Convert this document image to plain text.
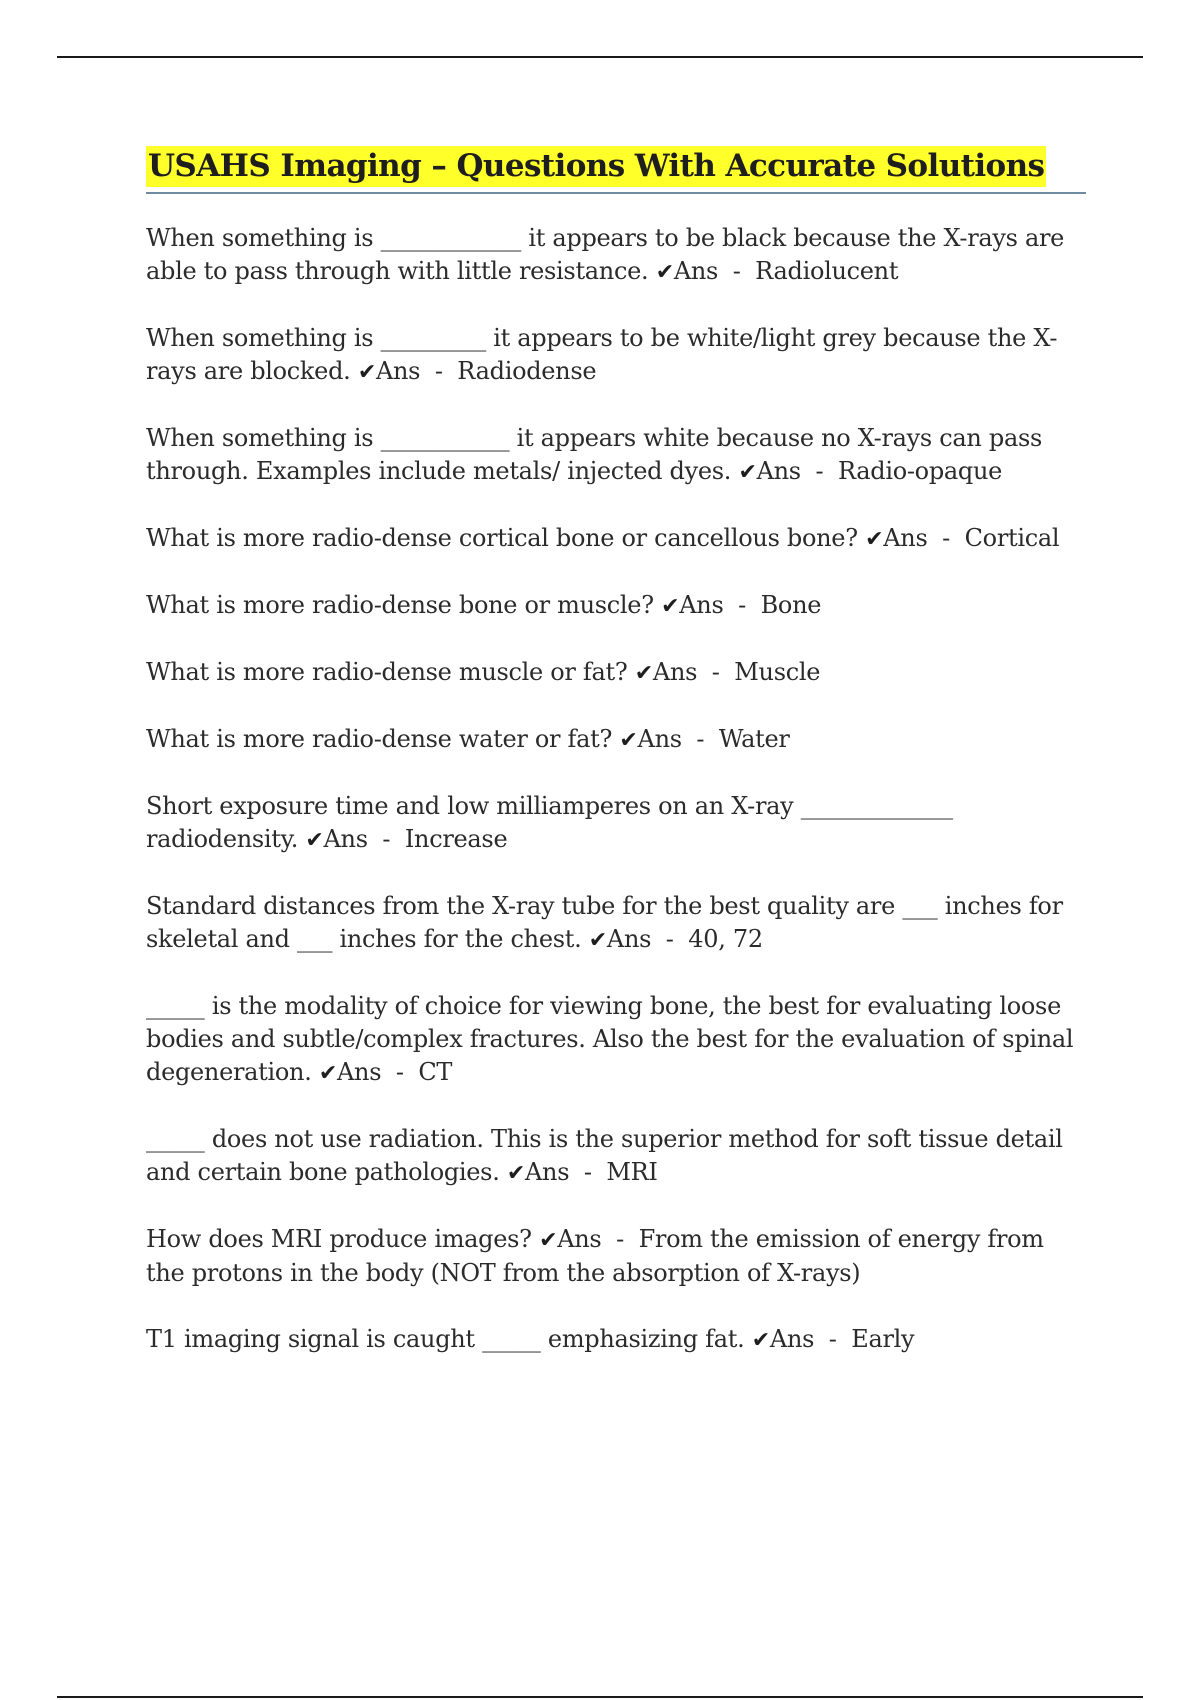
USAHS Imaging – Questions With Accurate Solutions

When something is ____________ it appears to be black because the X-rays are able to pass through with little resistance. ✔Ans  -  Radiolucent

When something is _________ it appears to be white/light grey because the X-rays are blocked. ✔Ans  -  Radiodense

When something is ___________ it appears white because no X-rays can pass through. Examples include metals/ injected dyes. ✔Ans  -  Radio-opaque

What is more radio-dense cortical bone or cancellous bone? ✔Ans  -  Cortical

What is more radio-dense bone or muscle? ✔Ans  -  Bone

What is more radio-dense muscle or fat? ✔Ans  -  Muscle

What is more radio-dense water or fat? ✔Ans  -  Water

Short exposure time and low milliamperes on an X-ray _____________ radiodensity. ✔Ans  -  Increase

Standard distances from the X-ray tube for the best quality are ___ inches for skeletal and ___ inches for the chest. ✔Ans  -  40, 72

_____ is the modality of choice for viewing bone, the best for evaluating loose bodies and subtle/complex fractures. Also the best for the evaluation of spinal degeneration. ✔Ans  -  CT

_____ does not use radiation. This is the superior method for soft tissue detail and certain bone pathologies. ✔Ans  -  MRI

How does MRI produce images? ✔Ans  -  From the emission of energy from the protons in the body (NOT from the absorption of X-rays)

T1 imaging signal is caught _____ emphasizing fat. ✔Ans  -  Early
